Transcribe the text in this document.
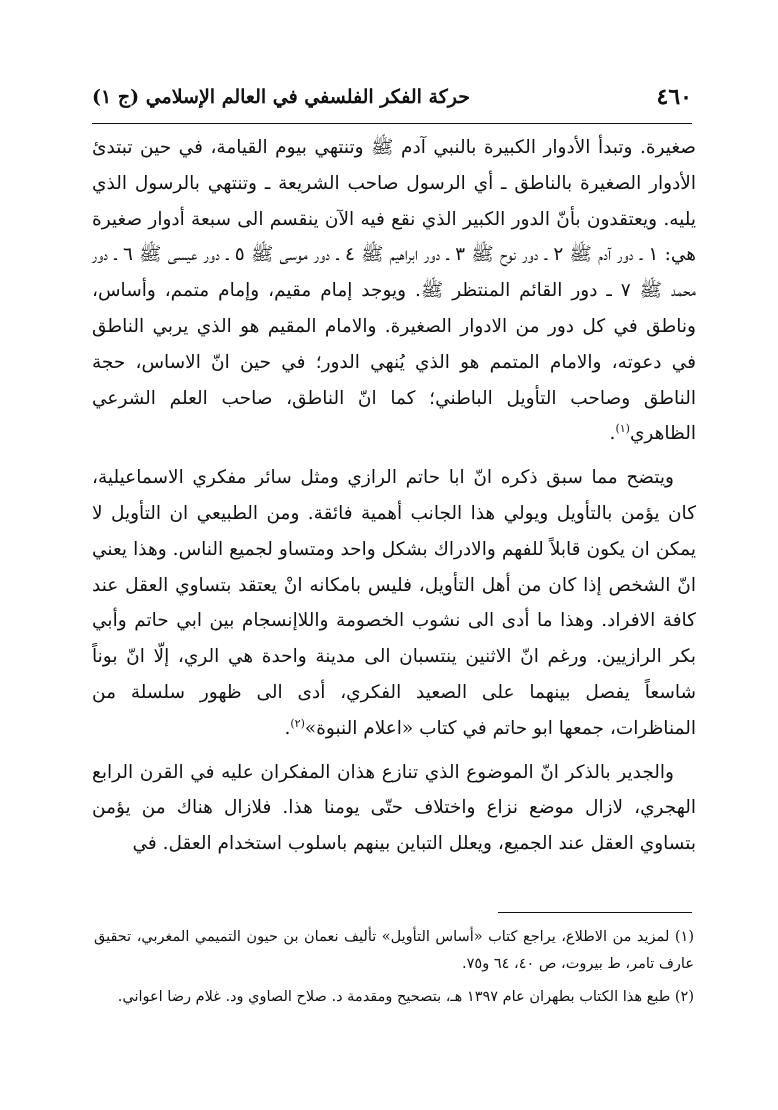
٤٦٠
حركة الفكر الفلسفي في العالم الإسلامي (ج ١)

صغيرة. وتبدأ الأدوار الكبيرة بالنبي آدم ﷺ وتنتهي بيوم القيامة، في حين تبتدئ الأدوار الصغيرة بالناطق ـ أي الرسول صاحب الشريعة ـ وتنتهي بالرسول الذي يليه. ويعتقدون بأنّ الدور الكبير الذي نقع فيه الآن ينقسم الى سبعة أدوار صغيرة هي: ١ ـ دور آدم ﷺ ٢ ـ دور نوح ﷺ ٣ ـ دور ابراهيم ﷺ ٤ ـ دور موسى ﷺ ٥ ـ دور عيسى ﷺ ٦ ـ دور محمد ﷺ ٧ ـ دور القائم المنتظر ﷺ. ويوجد إمام مقيم، وإمام متمم، وأساس، وناطق في كل دور من الادوار الصغيرة. والامام المقيم هو الذي يربي الناطق في دعوته، والامام المتمم هو الذي يُنهي الدور؛ في حين انّ الاساس، حجة الناطق وصاحب التأويل الباطني؛ كما انّ الناطق، صاحب العلم الشرعي الظاهري$^{(١)}$.

ويتضح مما سبق ذكره انّ ابا حاتم الرازي ومثل سائر مفكري الاسماعيلية، كان يؤمن بالتأويل ويولي هذا الجانب أهمية فائقة. ومن الطبيعي ان التأويل لا يمكن ان يكون قابلاً للفهم والادراك بشكل واحد ومتساو لجميع الناس. وهذا يعني انّ الشخص إذا كان من أهل التأويل، فليس بامكانه انْ يعتقد بتساوي العقل عند كافة الافراد. وهذا ما أدى الى نشوب الخصومة واللاإنسجام بين ابي حاتم وأبي بكر الرازيين. ورغم انّ الاثنين ينتسبان الى مدينة واحدة هي الري، إلّا انّ بوناً شاسعاً يفصل بينهما على الصعيد الفكري، أدى الى ظهور سلسلة من المناظرات، جمعها ابو حاتم في كتاب «اعلام النبوة»$^{(٢)}$.

والجدير بالذكر انّ الموضوع الذي تنازع هذان المفكران عليه في القرن الرابع الهجري، لازال موضع نزاع واختلاف حتّى يومنا هذا. فلازال هناك من يؤمن بتساوي العقل عند الجميع، ويعلل التباين بينهم باسلوب استخدام العقل. في

(١) لمزيد من الاطلاع، يراجع كتاب «أساس التأويل» تأليف نعمان بن حيون التميمي المغربي، تحقيق عارف تامر، ط بيروت، ص ٤٠، ٦٤ و٧٥.

(٢) طبع هذا الكتاب بطهران عام ١٣٩٧ هـ، بتصحيح ومقدمة د. صلاح الصاوي ود. غلام رضا اعواني.
